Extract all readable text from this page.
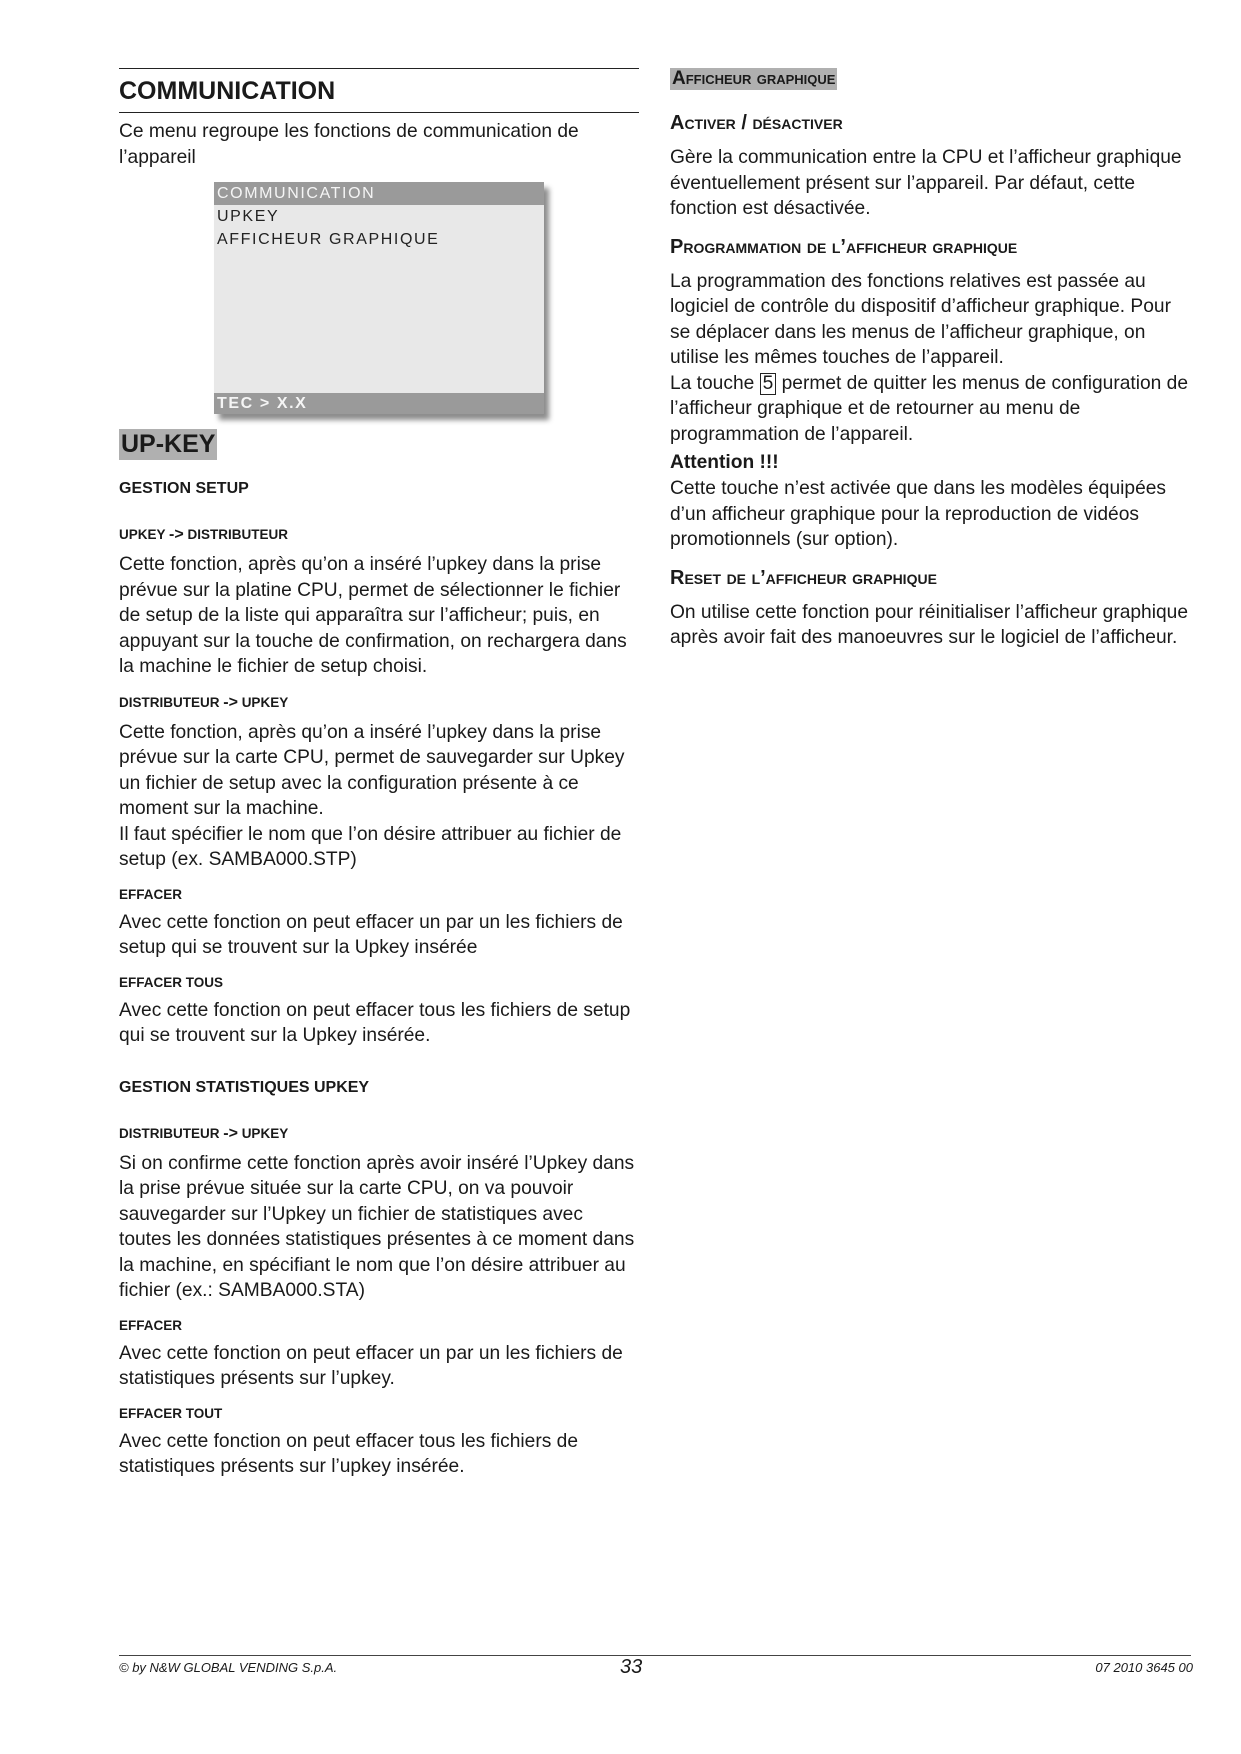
COMMUNICATION

Ce menu regroupe les fonctions de communication de l’appareil

COMMUNICATION
UPKEY
AFFICHEUR GRAPHIQUE
TEC > X.X
UP-KEY
GESTION SETUP
UPKEY -> DISTRIBUTEUR

Cette fonction, après qu’on a inséré l’upkey dans la prise prévue sur la platine CPU, permet de sélectionner le fichier de setup de la liste qui apparaîtra sur l’afficheur; puis, en appuyant sur la touche de confirmation, on rechargera dans la machine le fichier de setup choisi.

DISTRIBUTEUR -> UPKEY

Cette fonction, après qu’on a inséré l’upkey dans la prise prévue sur la carte CPU, permet de sauvegarder sur Upkey un fichier de setup avec la configuration présente à ce moment sur la machine.

Il faut spécifier le nom que l’on désire attribuer au fichier de setup (ex. SAMBA000.STP)

EFFACER

Avec cette fonction on peut effacer un par un les fichiers de setup qui se trouvent sur la Upkey insérée

EFFACER TOUS

Avec cette fonction on peut effacer tous les fichiers de setup qui se trouvent sur la Upkey insérée.

GESTION STATISTIQUES UPKEY
DISTRIBUTEUR -> UPKEY

Si on confirme cette fonction après avoir inséré l’Upkey dans la prise prévue située sur la carte CPU, on va pouvoir sauvegarder sur l’Upkey un fichier de statistiques avec toutes les données statistiques présentes à ce moment dans la machine, en spécifiant le nom que l’on désire attribuer au fichier (ex.: SAMBA000.STA)

EFFACER

Avec cette fonction on peut effacer un par un les fichiers de statistiques présents sur l’upkey.

EFFACER TOUT

Avec cette fonction on peut effacer tous les fichiers de statistiques présents sur l’upkey insérée.

Afficheur graphique
Activer / désactiver

Gère la communication entre la CPU et l’afficheur graphique éventuellement présent sur l’appareil. Par défaut, cette fonction est désactivée.

Programmation de l’afficheur graphique

La programmation des fonctions relatives est passée au logiciel de contrôle du dispositif d’afficheur graphique. Pour se déplacer dans les menus de l’afficheur graphique, on utilise les mêmes touches de l’appareil.

La touche 5 permet de quitter les menus de configuration de l’afficheur graphique et de retourner au menu de programmation de l’appareil.

Attention !!!

Cette touche n’est activée que dans les modèles équipées d’un afficheur graphique pour la reproduction de vidéos promotionnels (sur option).

Reset de l’afficheur graphique

On utilise cette fonction pour réinitialiser l’afficheur graphique après avoir fait des manoeuvres sur le logiciel de l’afficheur.

© by N&W GLOBAL VENDING S.p.A.	33	07 2010 3645 00
